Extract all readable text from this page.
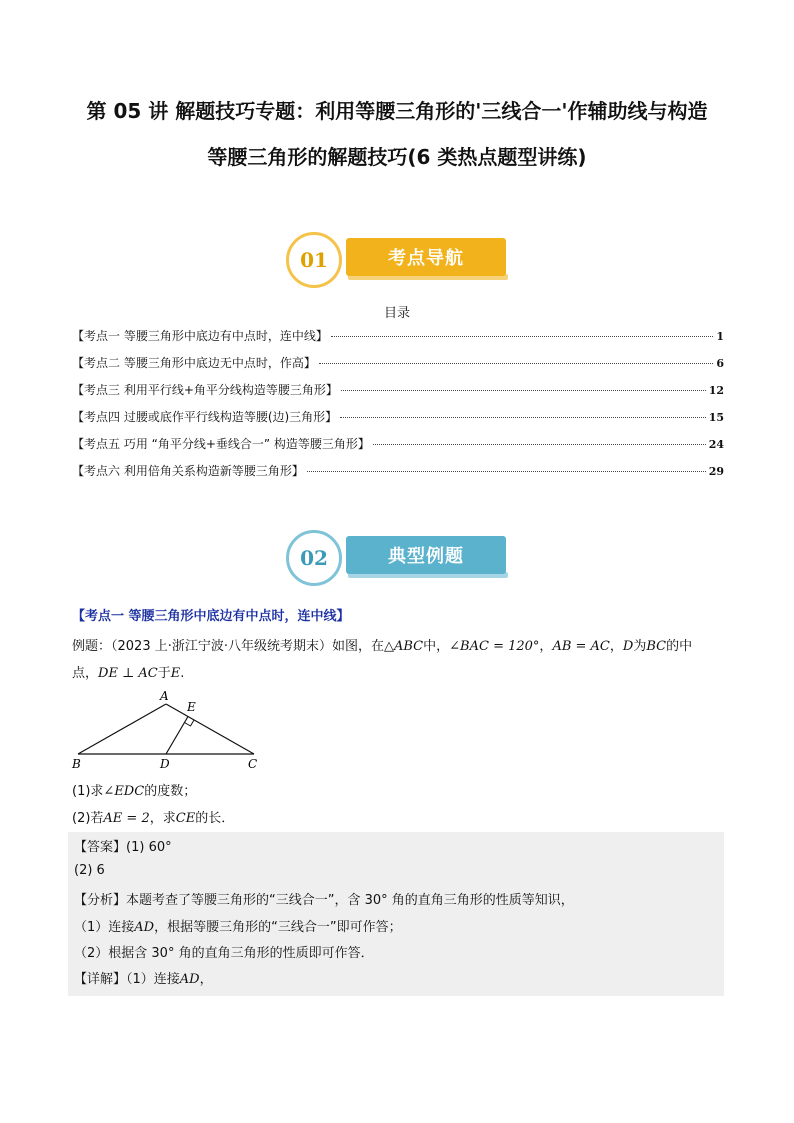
第 05 讲 解题技巧专题：利用等腰三角形的'三线合一'作辅助线与构造
等腰三角形的解题技巧(6 类热点题型讲练)
考点导航
01
目录
【考点一 等腰三角形中底边有中点时，连中线】	1
【考点二 等腰三角形中底边无中点时，作高】	6
【考点三 利用平行线+角平分线构造等腰三角形】	12
【考点四 过腰或底作平行线构造等腰(边)三角形】	15
【考点五 巧用 “角平分线+垂线合一” 构造等腰三角形】	24
【考点六 利用倍角关系构造新等腰三角形】	29
典型例题
02
【考点一 等腰三角形中底边有中点时，连中线】
例题：（2023 上·浙江宁波·八年级统考期末）如图，在△ABC中，∠BAC = 120°，AB = AC，D为BC的中
点，DE ⊥ AC于E.
A
B	C
D
E
(1)求∠EDC的度数；
(2)若AE = 2，求CE的长．
【答案】(1) 60°
(2) 6
【分析】本题考查了等腰三角形的“三线合一”，含 30° 角的直角三角形的性质等知识，
（1）连接AD，根据等腰三角形的“三线合一”即可作答；
（2）根据含 30° 角的直角三角形的性质即可作答．
【详解】（1）连接AD，
